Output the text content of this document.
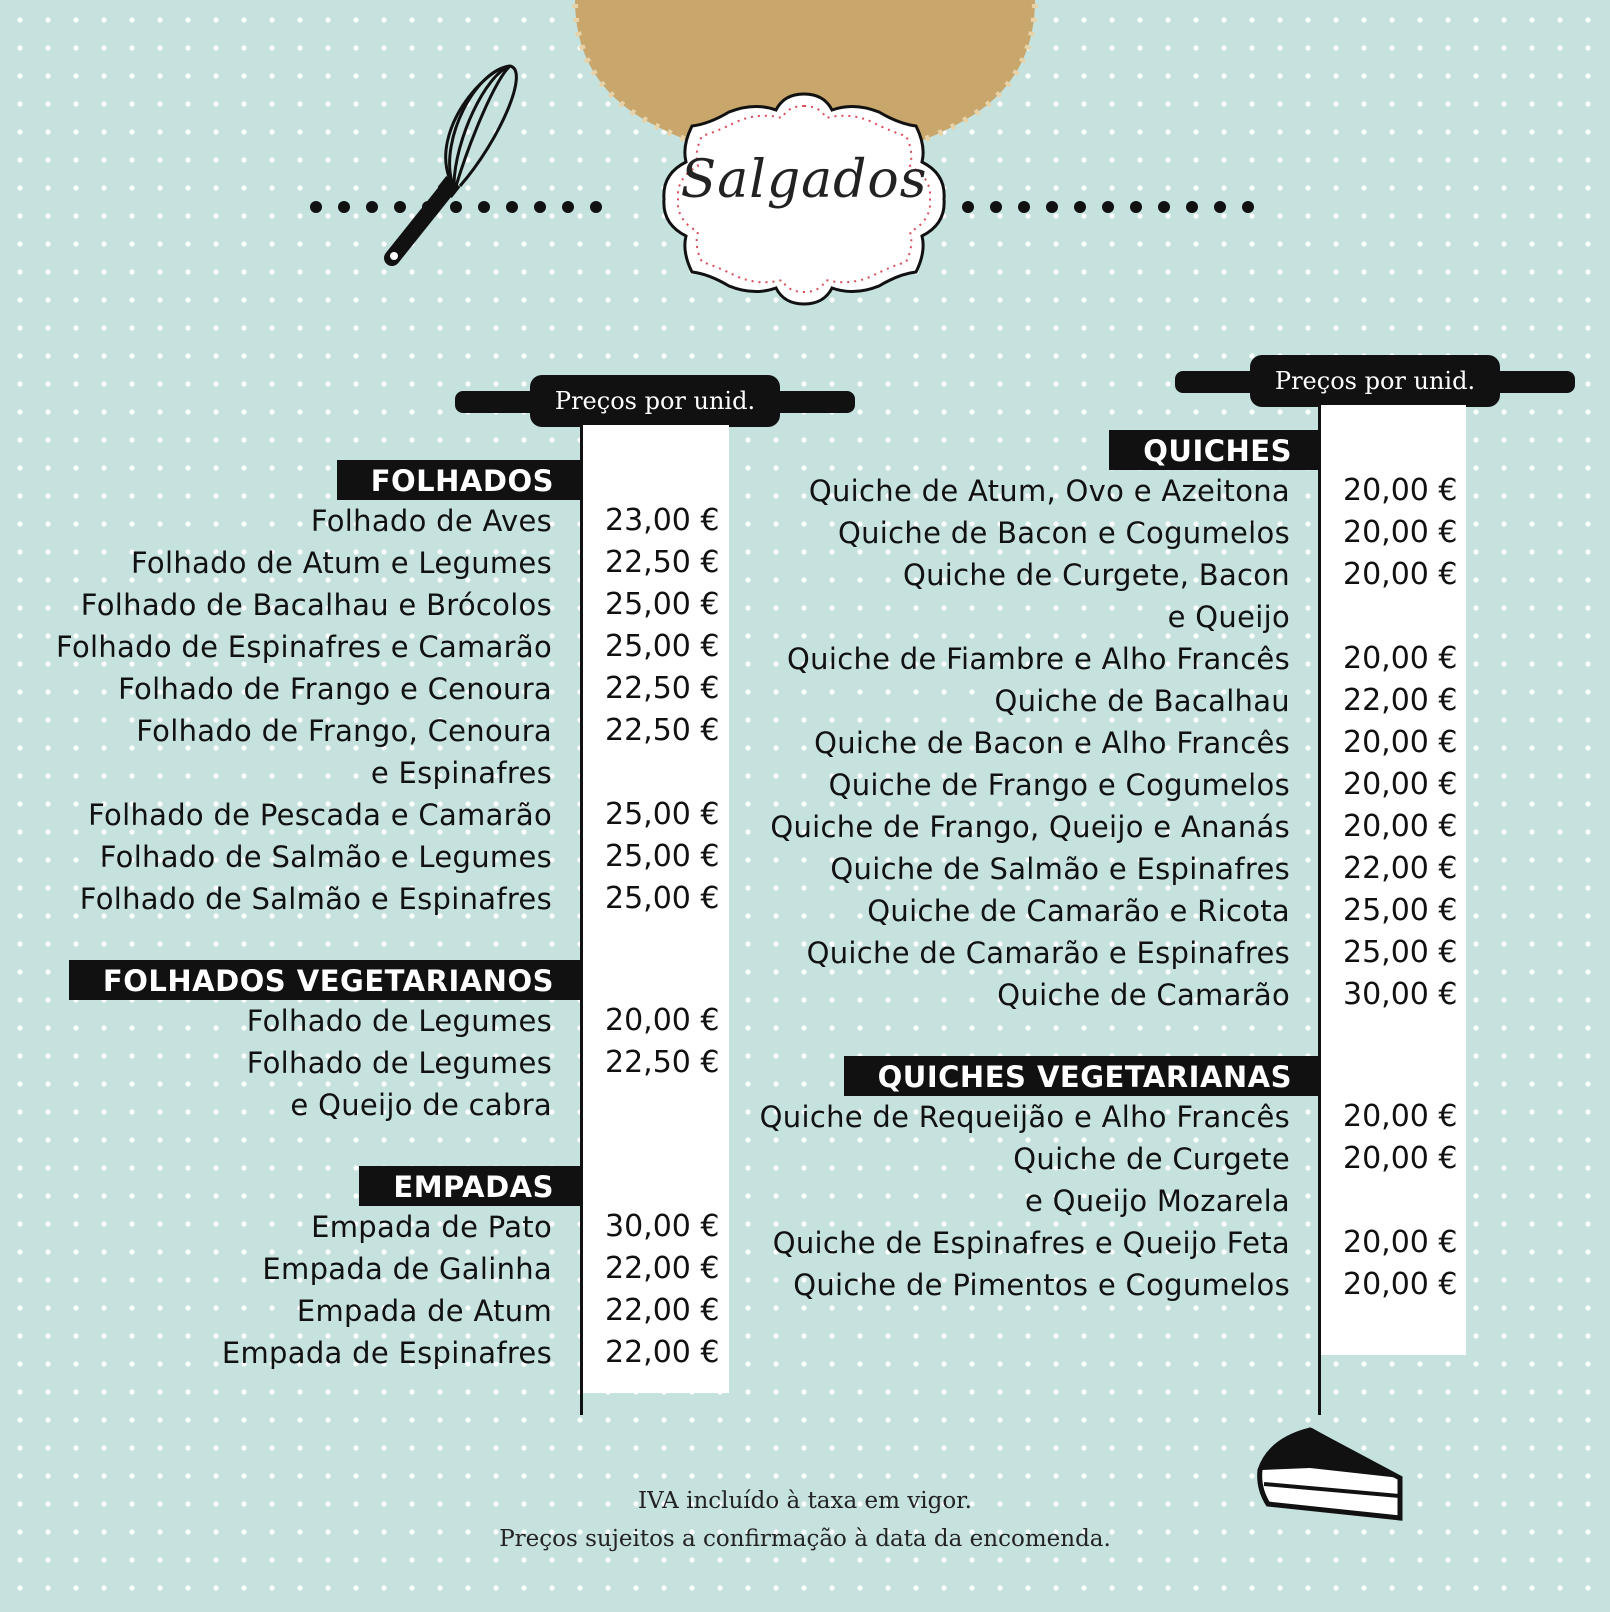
Salgados
Preços por unid.
Preços por unid.
FOLHADOS
Folhado de Aves
Folhado de Atum e Legumes
Folhado de Bacalhau e Brócolos
Folhado de Espinafres e Camarão
Folhado de Frango e Cenoura
Folhado de Frango, Cenoura
e Espinafres
Folhado de Pescada e Camarão
Folhado de Salmão e Legumes
Folhado de Salmão e Espinafres
FOLHADOS VEGETARIANOS
Folhado de Legumes
Folhado de Legumes
e Queijo de cabra
EMPADAS
Empada de Pato
Empada de Galinha
Empada de Atum
Empada de Espinafres
23,00 €
22,50 €
25,00 €
25,00 €
22,50 €
22,50 €
25,00 €
25,00 €
25,00 €
20,00 €
22,50 €
30,00 €
22,00 €
22,00 €
22,00 €
QUICHES
Quiche de Atum, Ovo e Azeitona
Quiche de Bacon e Cogumelos
Quiche de Curgete, Bacon
e Queijo
Quiche de Fiambre e Alho Francês
Quiche de Bacalhau
Quiche de Bacon e Alho Francês
Quiche de Frango e Cogumelos
Quiche de Frango, Queijo e Ananás
Quiche de Salmão e Espinafres
Quiche de Camarão e Ricota
Quiche de Camarão e Espinafres
Quiche de Camarão
QUICHES VEGETARIANAS
Quiche de Requeijão e Alho Francês
Quiche de Curgete
e Queijo Mozarela
Quiche de Espinafres e Queijo Feta
Quiche de Pimentos e Cogumelos
20,00 €
20,00 €
20,00 €
20,00 €
22,00 €
20,00 €
20,00 €
20,00 €
22,00 €
25,00 €
25,00 €
30,00 €
20,00 €
20,00 €
20,00 €
20,00 €
IVA incluído à taxa em vigor.
Preços sujeitos a confirmação à data da encomenda.
